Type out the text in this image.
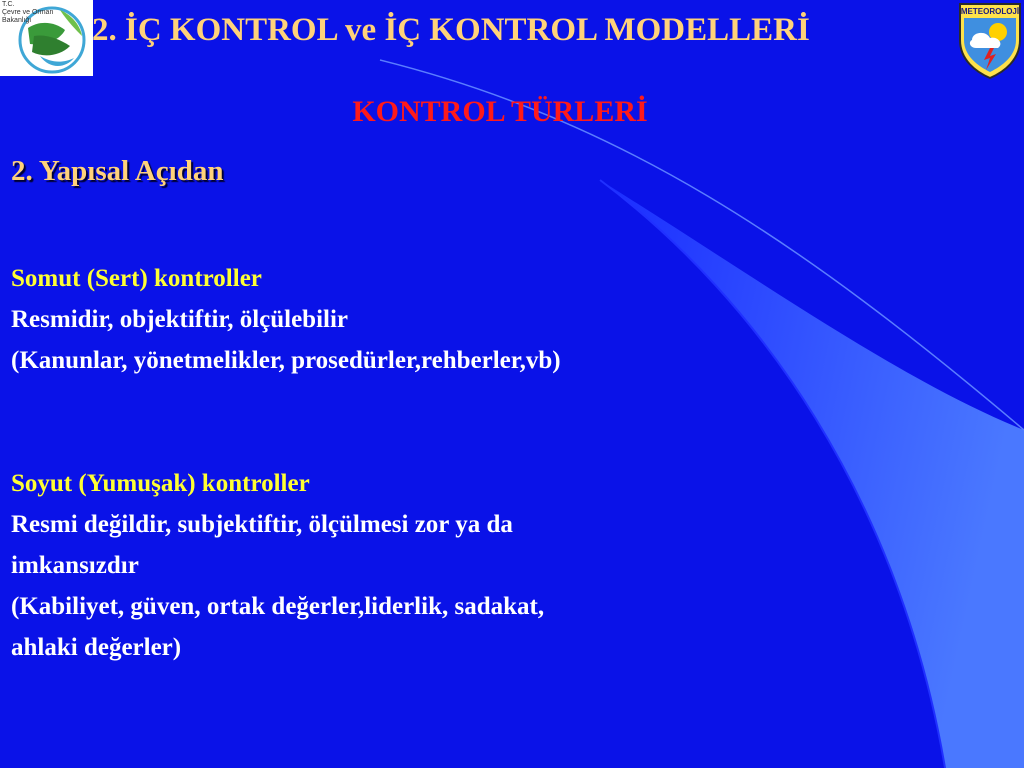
T.C.
Çevre ve Orman
Bakanlığı
METEOROLOJİ
2. İÇ KONTROL ve İÇ KONTROL MODELLERİ
KONTROL TÜRLERİ
2. Yapısal Açıdan
Somut (Sert) kontroller
Resmidir, objektiftir, ölçülebilir
(Kanunlar, yönetmelikler, prosedürler,rehberler,vb)
Soyut (Yumuşak) kontroller
Resmi değildir, subjektiftir, ölçülmesi zor ya da
imkansızdır
(Kabiliyet, güven, ortak değerler,liderlik, sadakat,
ahlaki değerler)
